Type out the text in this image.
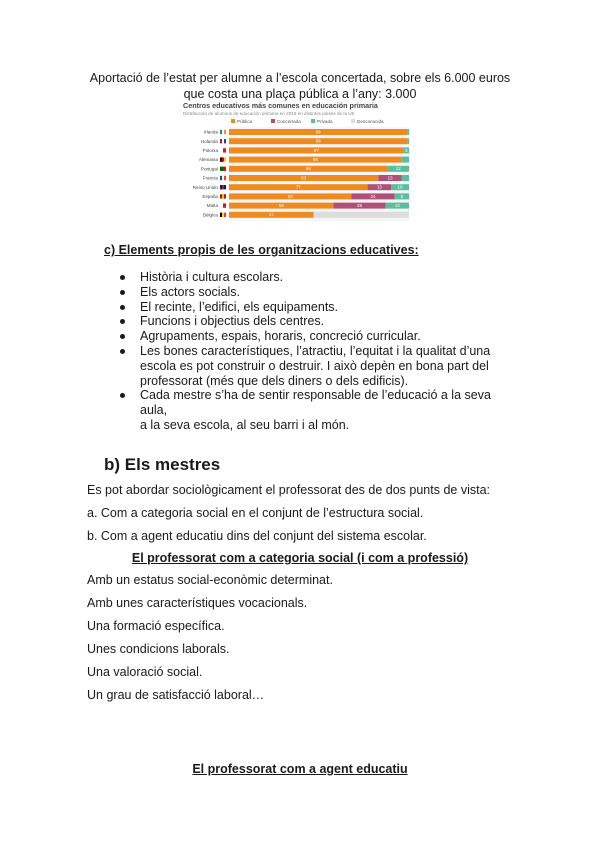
Aportació de l’estat per alumne a l’escola concertada, sobre els 6.000 euros
que costa una plaça pública a l’any: 3.000
Centros educativos más comunes en educación primaria
Distribución de alumnos de educación primaria en 2019 en distintos países de la UE
Pública	Concertada	Privada	Desconocida
Irlanda	99
Holanda	99
Polonia	97	3
Alemania	96
Portugal	88	12
Francia	83	13
Reino Unido	77	13	10
España	68	24	8
Malta	58	29	13
Bélgica	47
c) Elements propis de les organitzacions educatives:
Història i cultura escolars.
Els actors socials.
El recinte, l’edifici, els equipaments.
Funcions i objectius dels centres.
Agrupaments, espais, horaris, concreció curricular.
Les bones característiques, l’atractiu, l’equitat i la qualitat d’una
escola es pot construir o destruir. I això depèn en bona part del
professorat (més que dels diners o dels edificis).
Cada mestre s’ha de sentir responsable de l’educació a la seva aula,
a la seva escola, al seu barri i al món.
b) Els mestres
Es pot abordar sociològicament el professorat des de dos punts de vista:
a. Com a categoria social en el conjunt de l’estructura social.
b. Com a agent educatiu dins del conjunt del sistema escolar.
El professorat com a categoria social (i com a professió)
Amb un estatus social-econòmic determinat.
Amb unes característiques vocacionals.
Una formació específica.
Unes condicions laborals.
Una valoració social.
Un grau de satisfacció laboral…
El professorat com a agent educatiu
